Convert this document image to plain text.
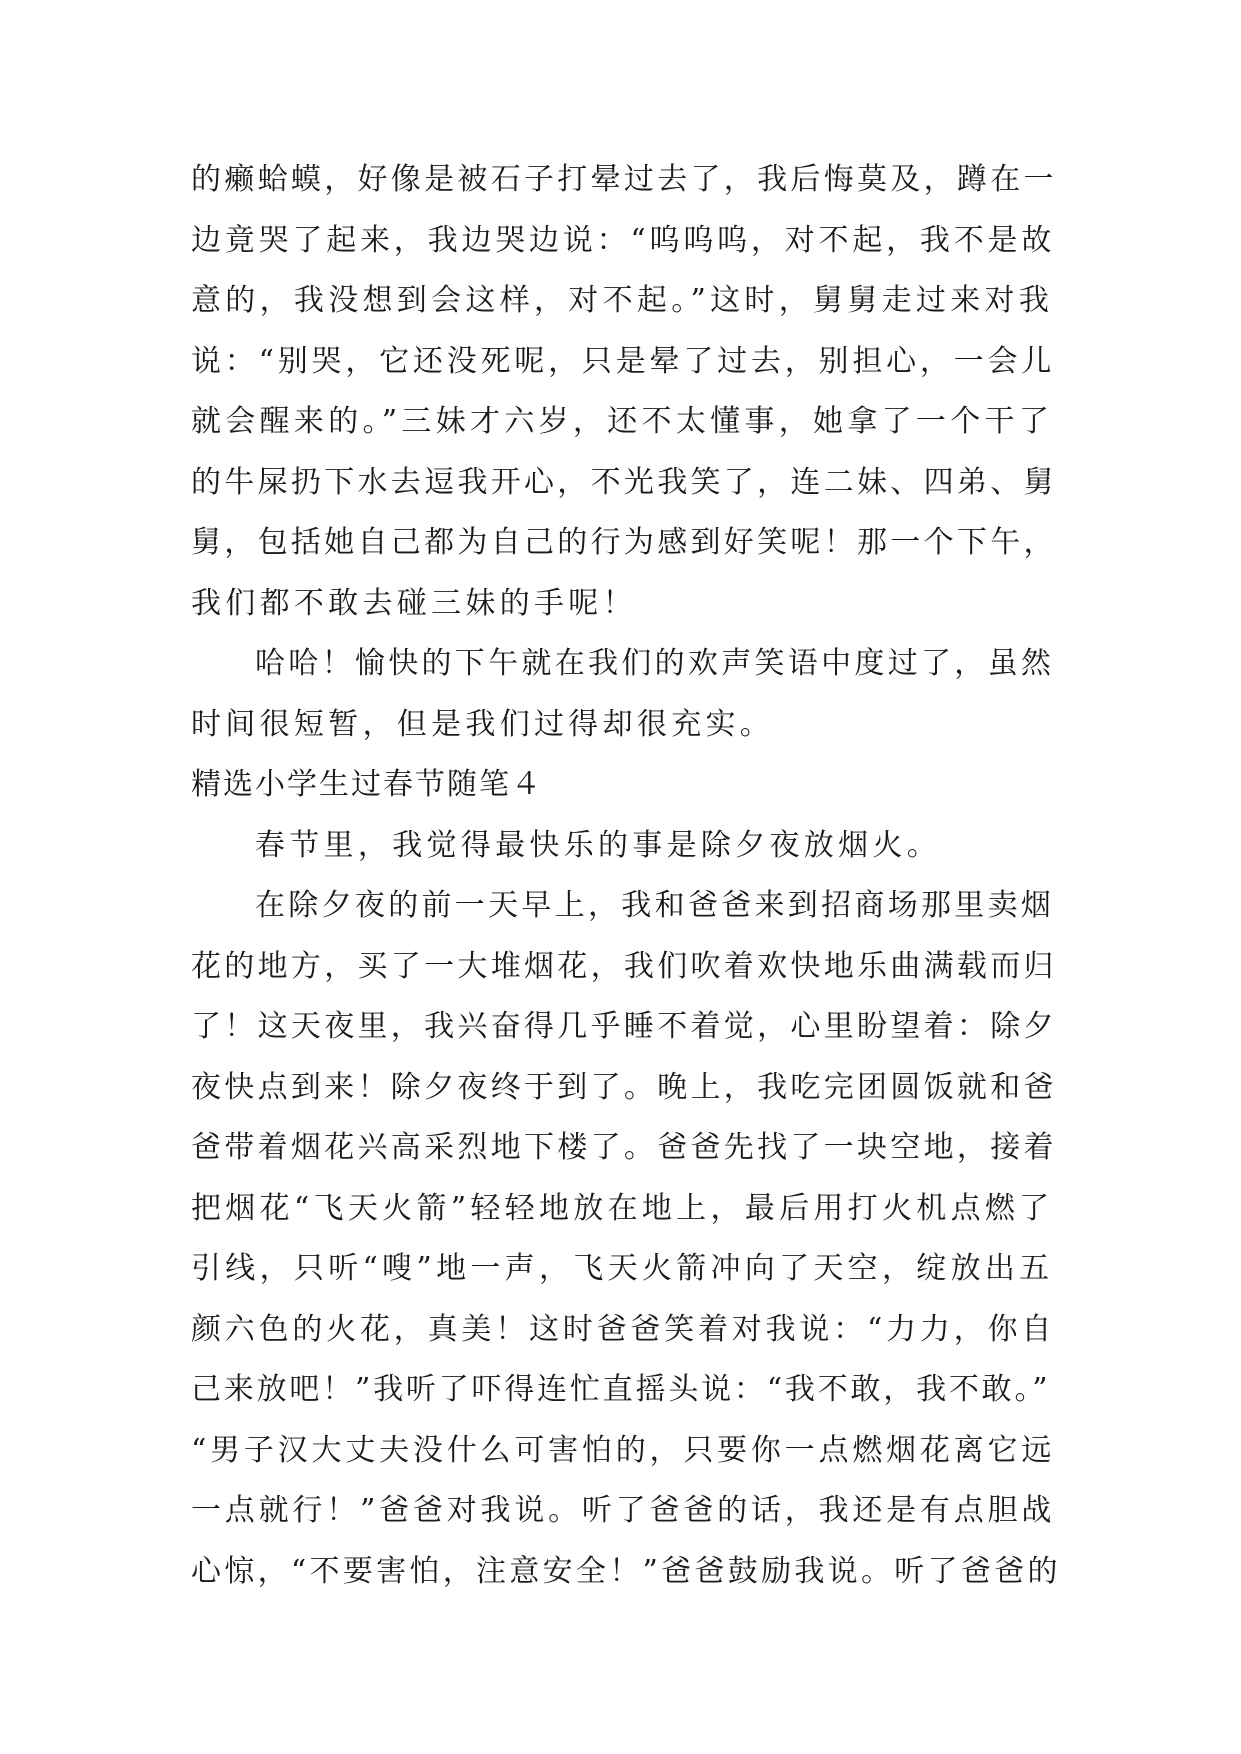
的癞蛤蟆，好像是被石子打晕过去了，我后悔莫及，蹲在一
边竟哭了起来，我边哭边说：“呜呜呜，对不起，我不是故
意的，我没想到会这样，对不起。”这时，舅舅走过来对我
说：“别哭，它还没死呢，只是晕了过去，别担心，一会儿
就会醒来的。”三妹才六岁，还不太懂事，她拿了一个干了
的牛屎扔下水去逗我开心，不光我笑了，连二妹、四弟、舅
舅，包括她自己都为自己的行为感到好笑呢！那一个下午，
我们都不敢去碰三妹的手呢！
哈哈！愉快的下午就在我们的欢声笑语中度过了，虽然
时间很短暂，但是我们过得却很充实。
精选小学生过春节随笔４
春节里，我觉得最快乐的事是除夕夜放烟火。
在除夕夜的前一天早上，我和爸爸来到招商场那里卖烟
花的地方，买了一大堆烟花，我们吹着欢快地乐曲满载而归
了！这天夜里，我兴奋得几乎睡不着觉，心里盼望着：除夕
夜快点到来！除夕夜终于到了。晚上，我吃完团圆饭就和爸
爸带着烟花兴高采烈地下楼了。爸爸先找了一块空地，接着
把烟花“飞天火箭”轻轻地放在地上，最后用打火机点燃了
引线，只听“嗖”地一声，飞天火箭冲向了天空，绽放出五
颜六色的火花，真美！这时爸爸笑着对我说：“力力，你自
己来放吧！”我听了吓得连忙直摇头说：“我不敢，我不敢。”
“男子汉大丈夫没什么可害怕的，只要你一点燃烟花离它远
一点就行！”爸爸对我说。听了爸爸的话，我还是有点胆战
心惊，“不要害怕，注意安全！”爸爸鼓励我说。听了爸爸的
